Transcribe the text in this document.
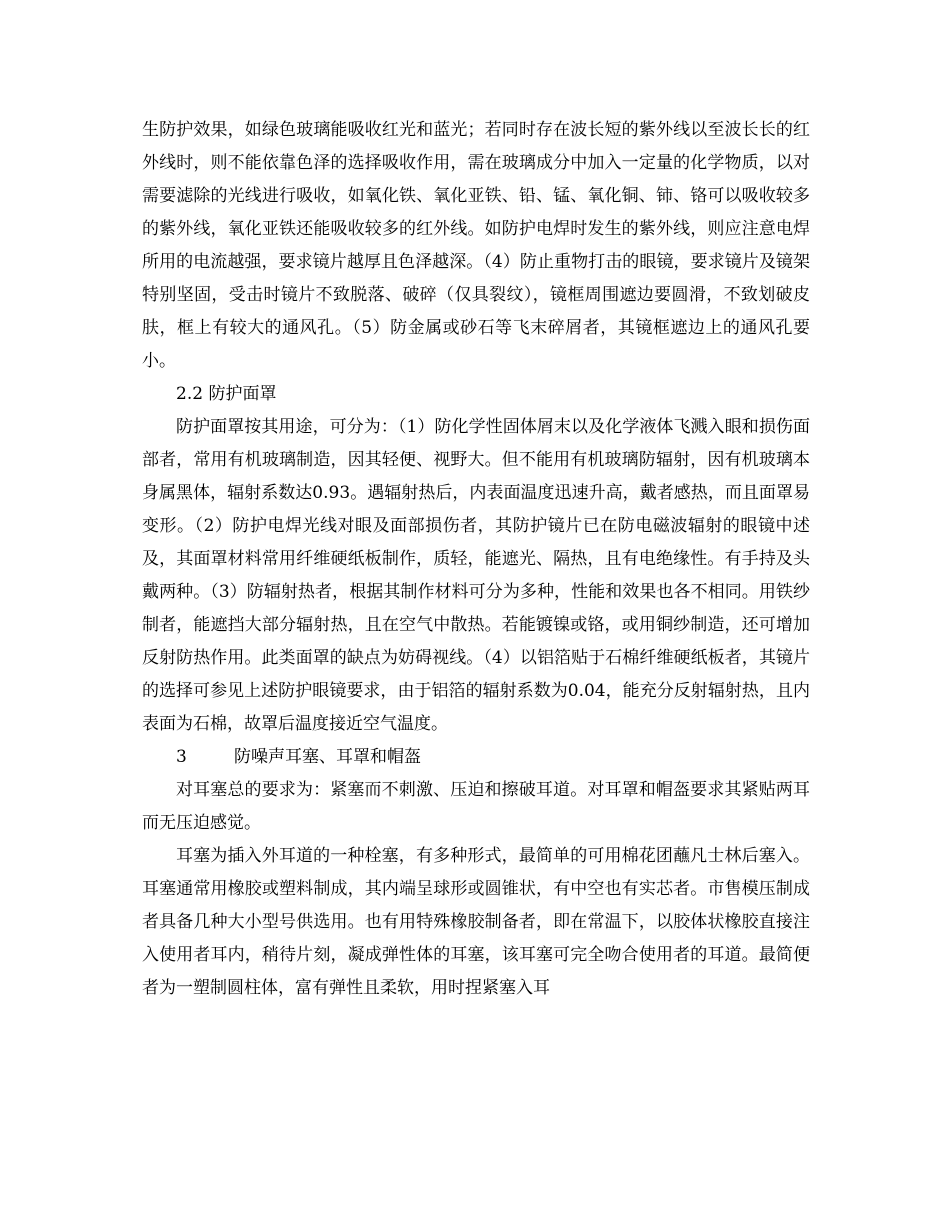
生防护效果，如绿色玻璃能吸收红光和蓝光；若同时存在波长短的紫外线以至波长长的红外线时，则不能依靠色泽的选择吸收作用，需在玻璃成分中加入一定量的化学物质，以对需要滤除的光线进行吸收，如氧化铁、氧化亚铁、铅、锰、氧化铜、铈、铬可以吸收较多的紫外线，氧化亚铁还能吸收较多的红外线。如防护电焊时发生的紫外线，则应注意电焊所用的电流越强，要求镜片越厚且色泽越深。（4）防止重物打击的眼镜，要求镜片及镜架特别坚固，受击时镜片不致脱落、破碎（仅具裂纹），镜框周围遮边要圆滑，不致划破皮肤，框上有较大的通风孔。（5）防金属或砂石等飞末碎屑者，其镜框遮边上的通风孔要小。

2.2 防护面罩

防护面罩按其用途，可分为：（1）防化学性固体屑末以及化学液体飞溅入眼和损伤面部者，常用有机玻璃制造，因其轻便、视野大。但不能用有机玻璃防辐射，因有机玻璃本身属黑体，辐射系数达0.93。遇辐射热后，内表面温度迅速升高，戴者感热，而且面罩易变形。（2）防护电焊光线对眼及面部损伤者，其防护镜片已在防电磁波辐射的眼镜中述及，其面罩材料常用纤维硬纸板制作，质轻，能遮光、隔热，且有电绝缘性。有手持及头戴两种。（3）防辐射热者，根据其制作材料可分为多种，性能和效果也各不相同。用铁纱制者，能遮挡大部分辐射热，且在空气中散热。若能镀镍或铬，或用铜纱制造，还可增加反射防热作用。此类面罩的缺点为妨碍视线。（4）以铝箔贴于石棉纤维硬纸板者，其镜片的选择可参见上述防护眼镜要求，由于铝箔的辐射系数为0.04，能充分反射辐射热，且内表面为石棉，故罩后温度接近空气温度。

3	防噪声耳塞、耳罩和帽盔

对耳塞总的要求为：紧塞而不刺激、压迫和擦破耳道。对耳罩和帽盔要求其紧贴两耳而无压迫感觉。

耳塞为插入外耳道的一种栓塞，有多种形式，最简单的可用棉花团蘸凡士林后塞入。耳塞通常用橡胶或塑料制成，其内端呈球形或圆锥状，有中空也有实芯者。市售模压制成者具备几种大小型号供选用。也有用特殊橡胶制备者，即在常温下，以胶体状橡胶直接注入使用者耳内，稍待片刻，凝成弹性体的耳塞，该耳塞可完全吻合使用者的耳道。最简便者为一塑制圆柱体，富有弹性且柔软，用时捏紧塞入耳
